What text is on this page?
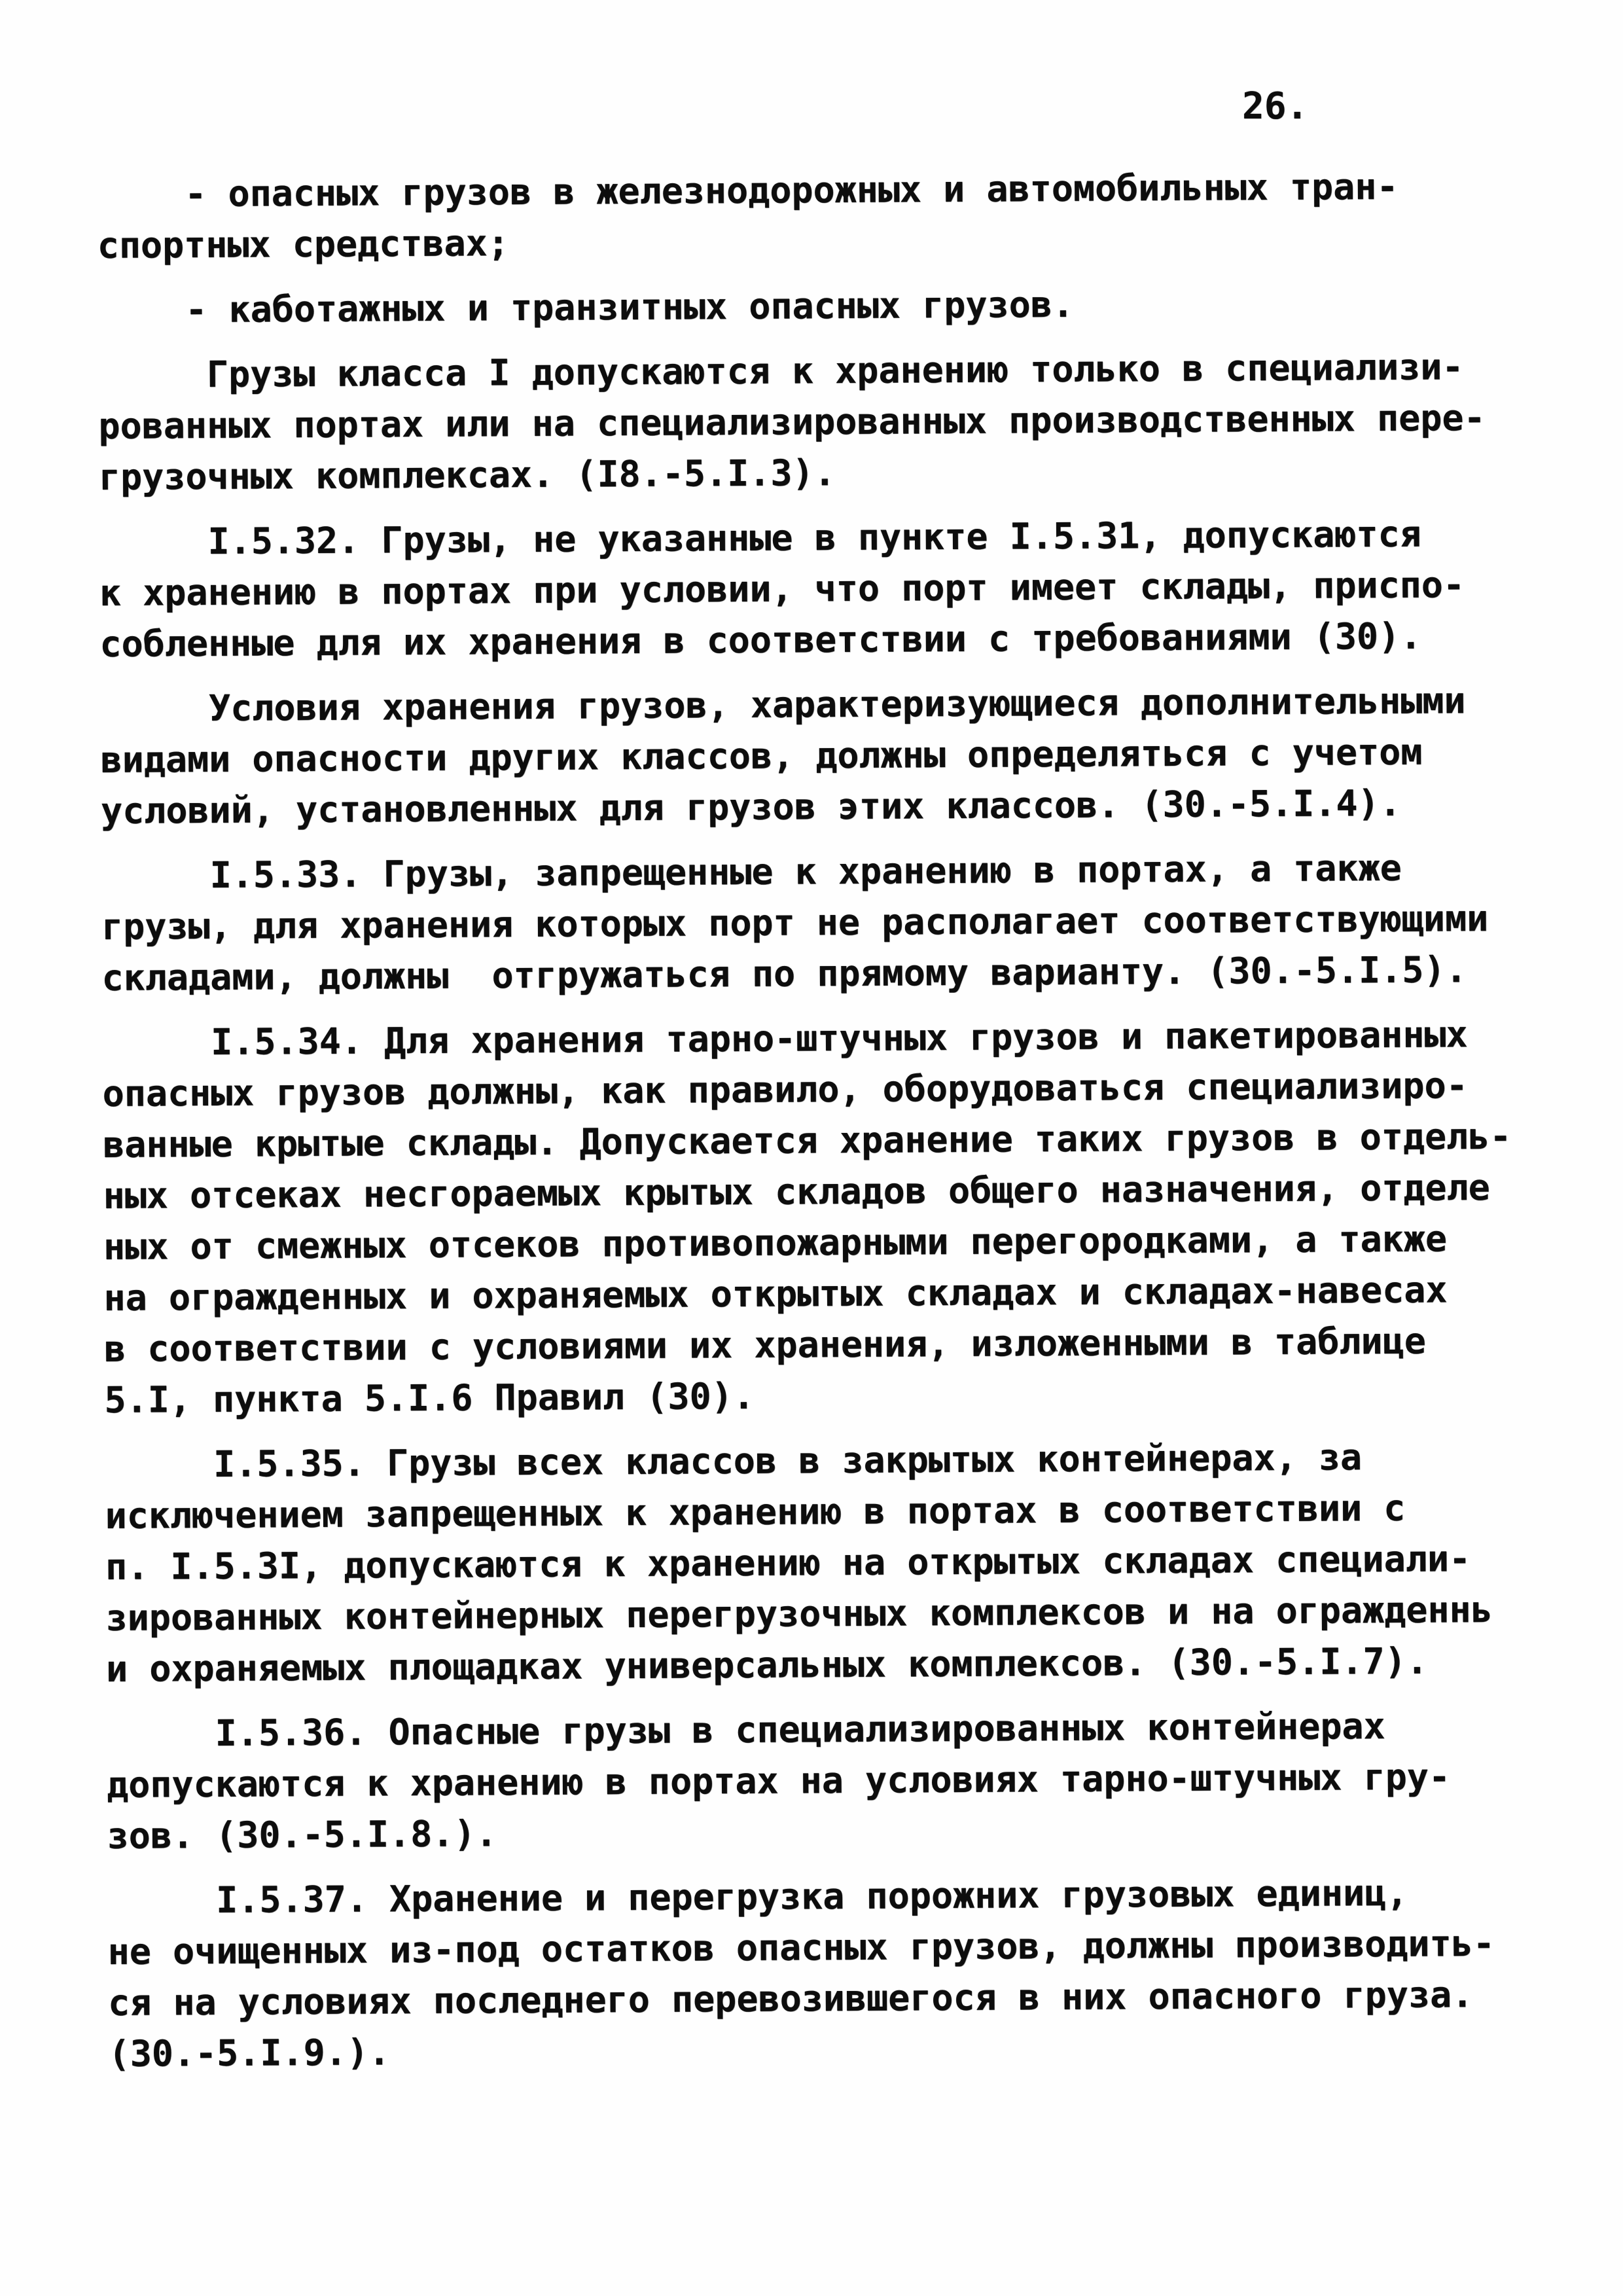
26.
- опасных грузов в железнодорожных и автомобильных тран-
спортных средствах;
- каботажных и транзитных опасных грузов.
Грузы класса I допускаются к хранению только в специализи-
рованных портах или на специализированных производственных пере-
грузочных комплексах. (I8.-5.I.3).
I.5.32. Грузы, не указанные в пункте I.5.31, допускаются
к хранению в портах при условии, что порт имеет склады, приспо-
собленные для их хранения в соответствии с требованиями (30).
Условия хранения грузов, характеризующиеся дополнительными
видами опасности других классов, должны определяться с учетом
условий, установленных для грузов этих классов. (30.-5.I.4).
I.5.33. Грузы, запрещенные к хранению в портах, а также
грузы, для хранения которых порт не располагает соответствующими
складами, должны  отгружаться по прямому варианту. (30.-5.I.5).
I.5.34. Для хранения тарно-штучных грузов и пакетированных
опасных грузов должны, как правило, оборудоваться специализиро-
ванные крытые склады. Допускается хранение таких грузов в отдель-
ных отсеках несгораемых крытых складов общего назначения, отделе
ных от смежных отсеков противопожарными перегородками, а также
на огражденных и охраняемых открытых складах и складах-навесах
в соответствии с условиями их хранения, изложенными в таблице
5.I, пункта 5.I.6 Правил (30).
I.5.35. Грузы всех классов в закрытых контейнерах, за
исключением запрещенных к хранению в портах в соответствии с
п. I.5.3I, допускаются к хранению на открытых складах специали-
зированных контейнерных перегрузочных комплексов и на огражденнь
и охраняемых площадках универсальных комплексов. (30.-5.I.7).
I.5.36. Опасные грузы в специализированных контейнерах
допускаются к хранению в портах на условиях тарно-штучных гру-
зов. (30.-5.I.8.).
I.5.37. Хранение и перегрузка порожних грузовых единиц,
не очищенных из-под остатков опасных грузов, должны производить-
ся на условиях последнего перевозившегося в них опасного груза.
(30.-5.I.9.).
